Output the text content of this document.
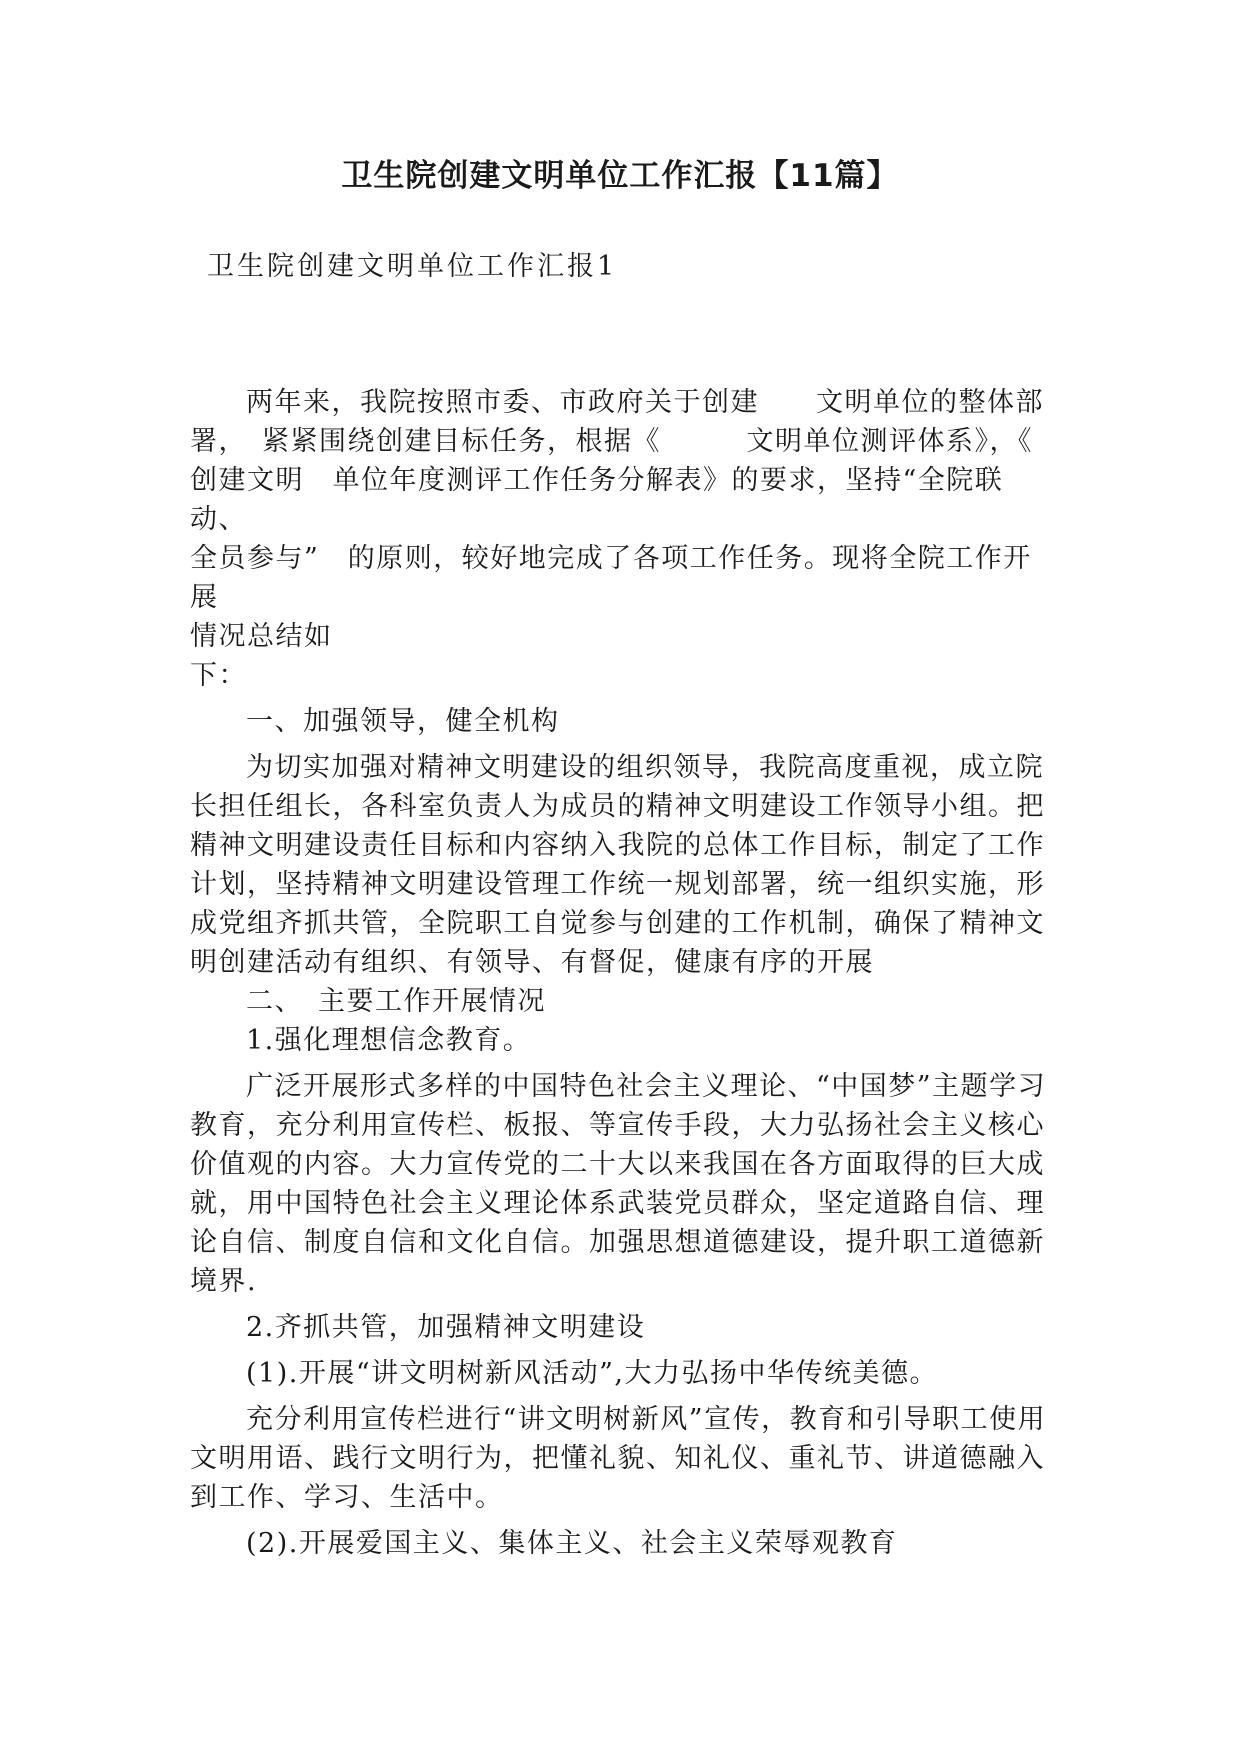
卫生院创建文明单位工作汇报【11篇】

卫生院创建文明单位工作汇报1

两年来，我院按照市委、市政府关于创建　　文明单位的整体部

署，　紧紧围绕创建目标任务，根据《　　　文明单位测评体系》，《

创建文明　单位年度测评工作任务分解表》的要求，坚持“全院联动、

全员参与”　的原则，较好地完成了各项工作任务。现将全院工作开展

情况总结如

下：

一、加强领导，健全机构

为切实加强对精神文明建设的组织领导，我院高度重视，成立院长担任组长，各科室负责人为成员的精神文明建设工作领导小组。把精神文明建设责任目标和内容纳入我院的总体工作目标，制定了工作计划，坚持精神文明建设管理工作统一规划部署，统一组织实施，形成党组齐抓共管，全院职工自觉参与创建的工作机制，确保了精神文明创建活动有组织、有领导、有督促，健康有序的开展

二、　主要工作开展情况

1.强化理想信念教育。

广泛开展形式多样的中国特色社会主义理论、“中国梦”主题学习教育，充分利用宣传栏、板报、等宣传手段，大力弘扬社会主义核心价值观的内容。大力宣传党的二十大以来我国在各方面取得的巨大成就，用中国特色社会主义理论体系武装党员群众，坚定道路自信、理论自信、制度自信和文化自信。加强思想道德建设，提升职工道德新境界.

2.齐抓共管，加强精神文明建设

(1).开展“讲文明树新风活动”,大力弘扬中华传统美德。

充分利用宣传栏进行“讲文明树新风”宣传，教育和引导职工使用文明用语、践行文明行为，把懂礼貌、知礼仪、重礼节、讲道德融入到工作、学习、生活中。

(2).开展爱国主义、集体主义、社会主义荣辱观教育
